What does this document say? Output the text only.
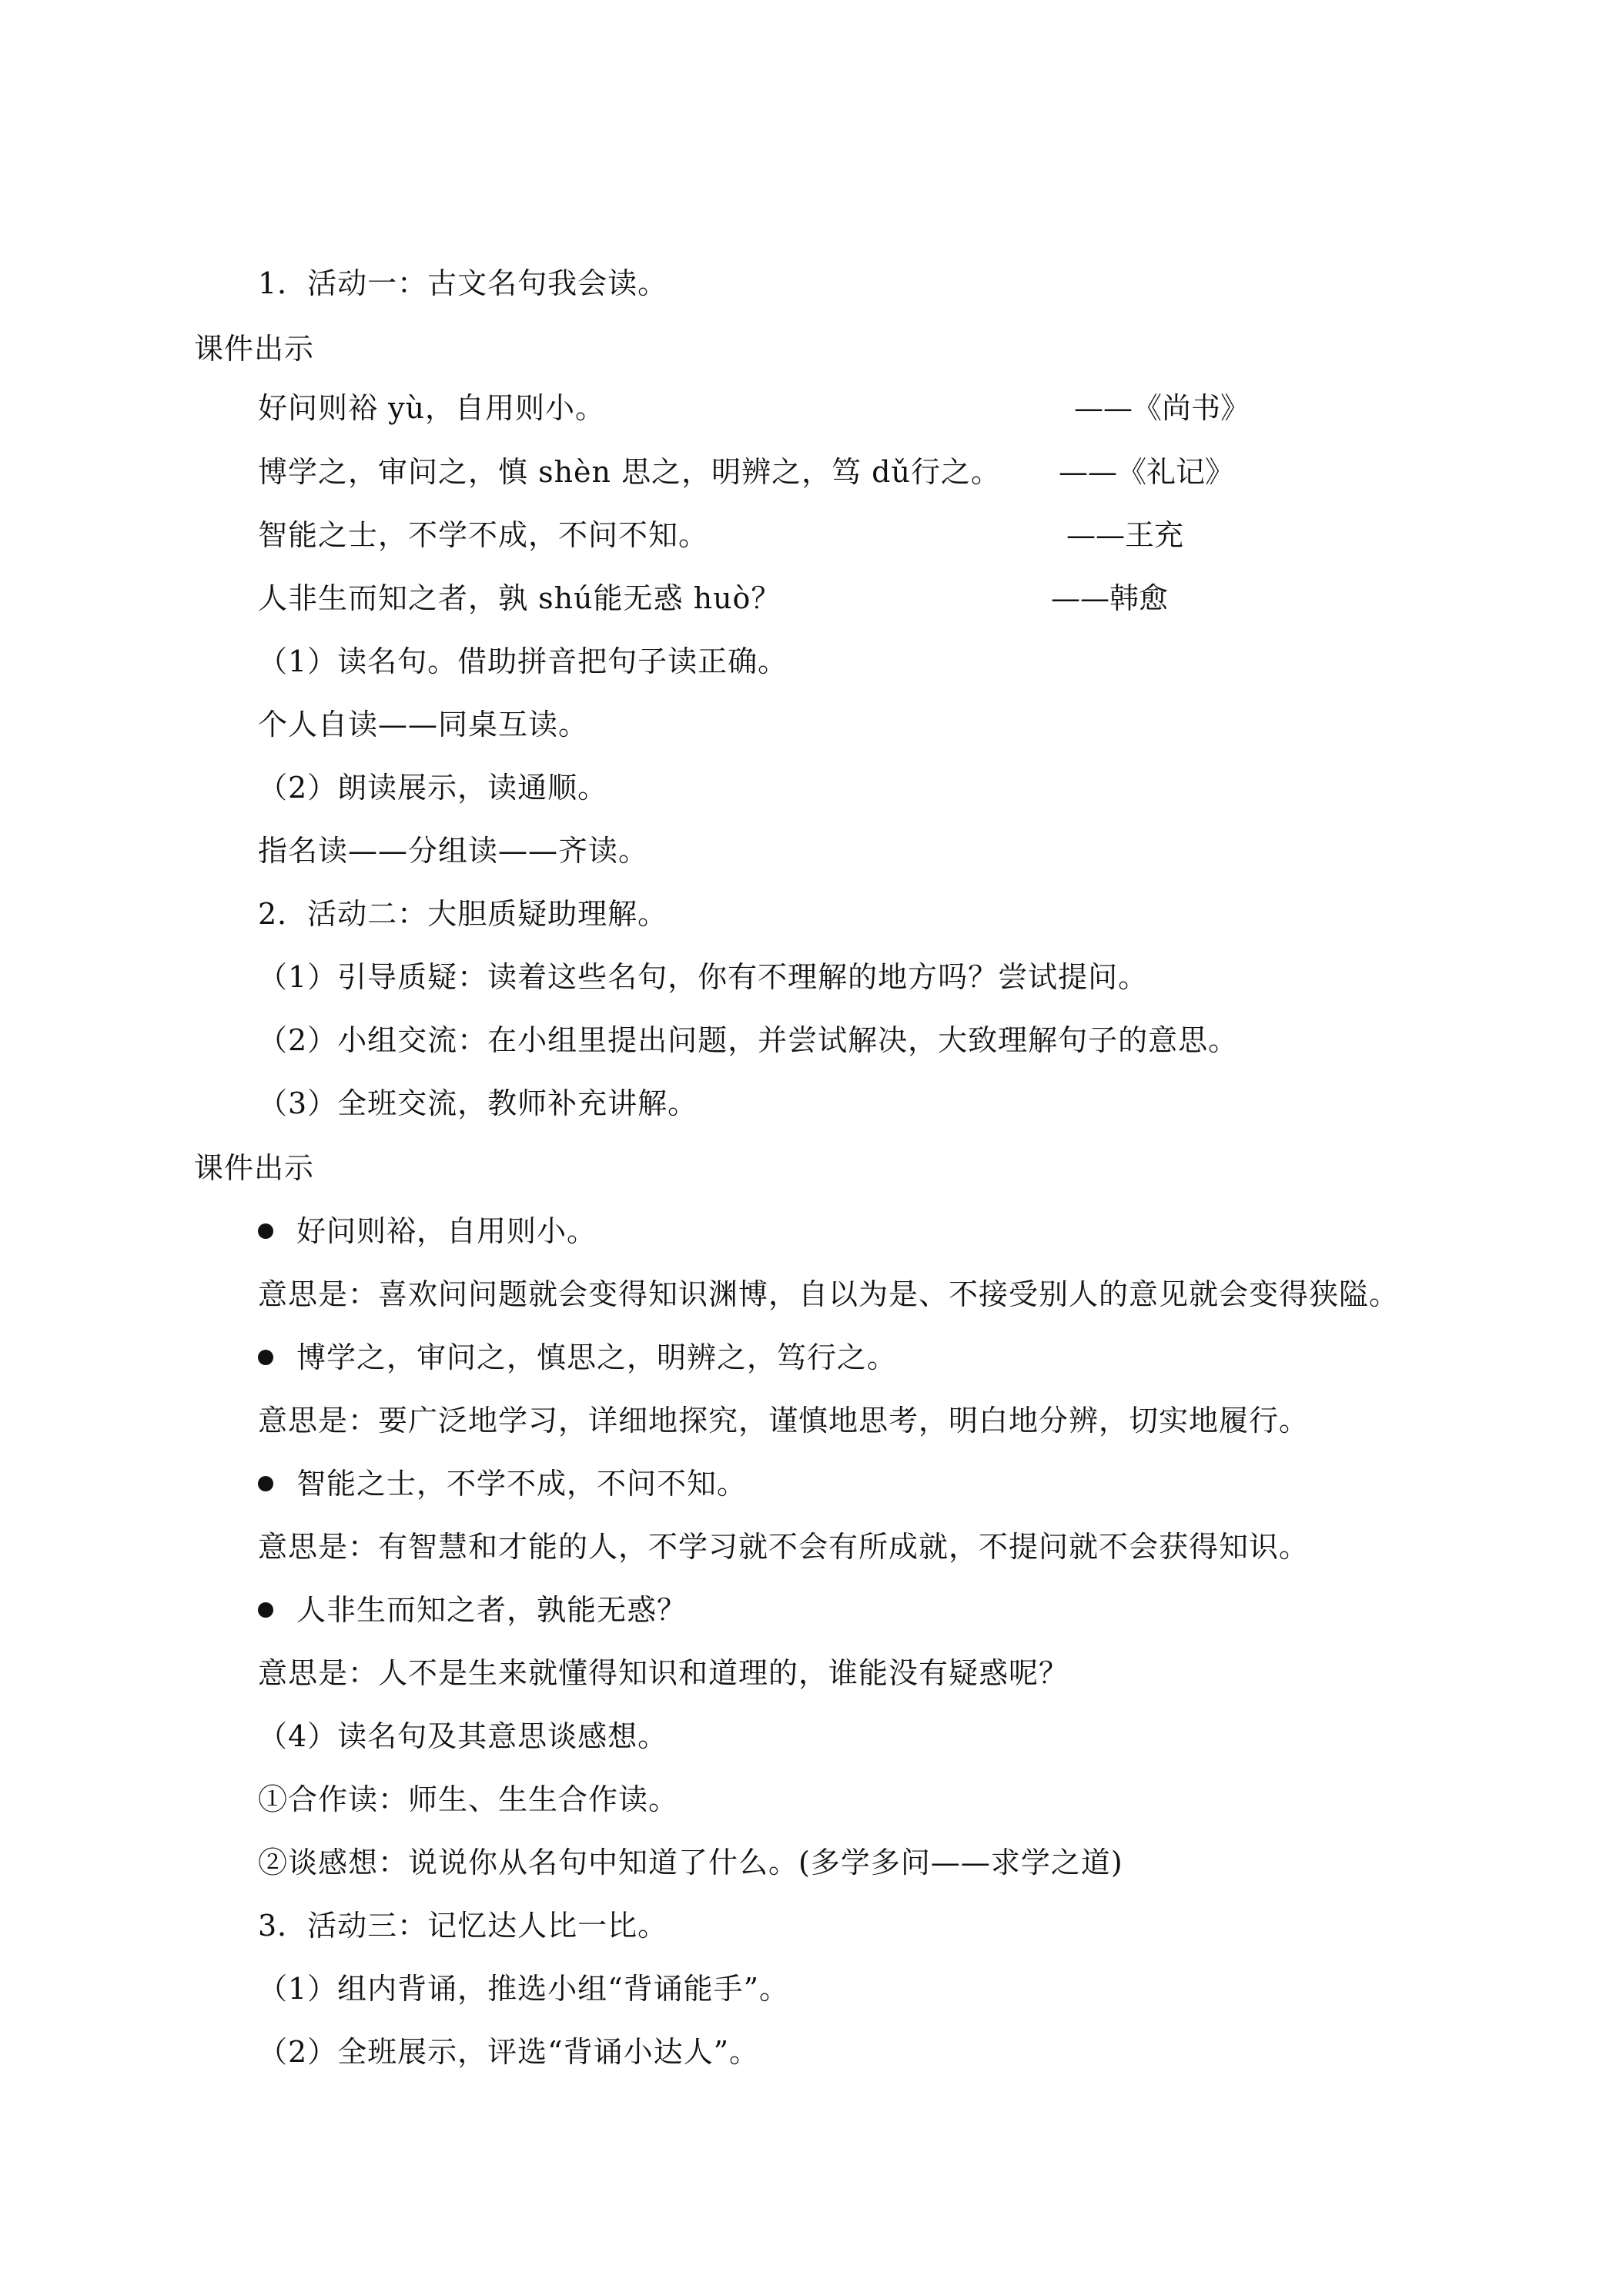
1．活动一：古文名句我会读。
课件出示
好问则裕 yù，自用则小。	——《尚书》
博学之，审问之，慎 shèn 思之，明辨之，笃 dǔ行之。 ——《礼记》
智能之士，不学不成，不问不知。	——王充
人非生而知之者，孰 shú能无惑 huò？	——韩愈
（1）读名句。借助拼音把句子读正确。
个人自读——同桌互读。
（2）朗读展示，读通顺。
指名读——分组读——齐读。
2．活动二：大胆质疑助理解。
（1）引导质疑：读着这些名句，你有不理解的地方吗？尝试提问。
（2）小组交流：在小组里提出问题，并尝试解决，大致理解句子的意思。
（3）全班交流，教师补充讲解。
课件出示
好问则裕，自用则小。
意思是：喜欢问问题就会变得知识渊博，自以为是、不接受别人的意见就会变得狭隘。
博学之，审问之，慎思之，明辨之，笃行之。
意思是：要广泛地学习，详细地探究，谨慎地思考，明白地分辨，切实地履行。
智能之士，不学不成，不问不知。
意思是：有智慧和才能的人，不学习就不会有所成就，不提问就不会获得知识。
人非生而知之者，孰能无惑？
意思是：人不是生来就懂得知识和道理的，谁能没有疑惑呢？
（4）读名句及其意思谈感想。
①合作读：师生、生生合作读。
②谈感想：说说你从名句中知道了什么。(多学多问——求学之道)
3．活动三：记忆达人比一比。
（1）组内背诵，推选小组“背诵能手”。
（2）全班展示，评选“背诵小达人”。
